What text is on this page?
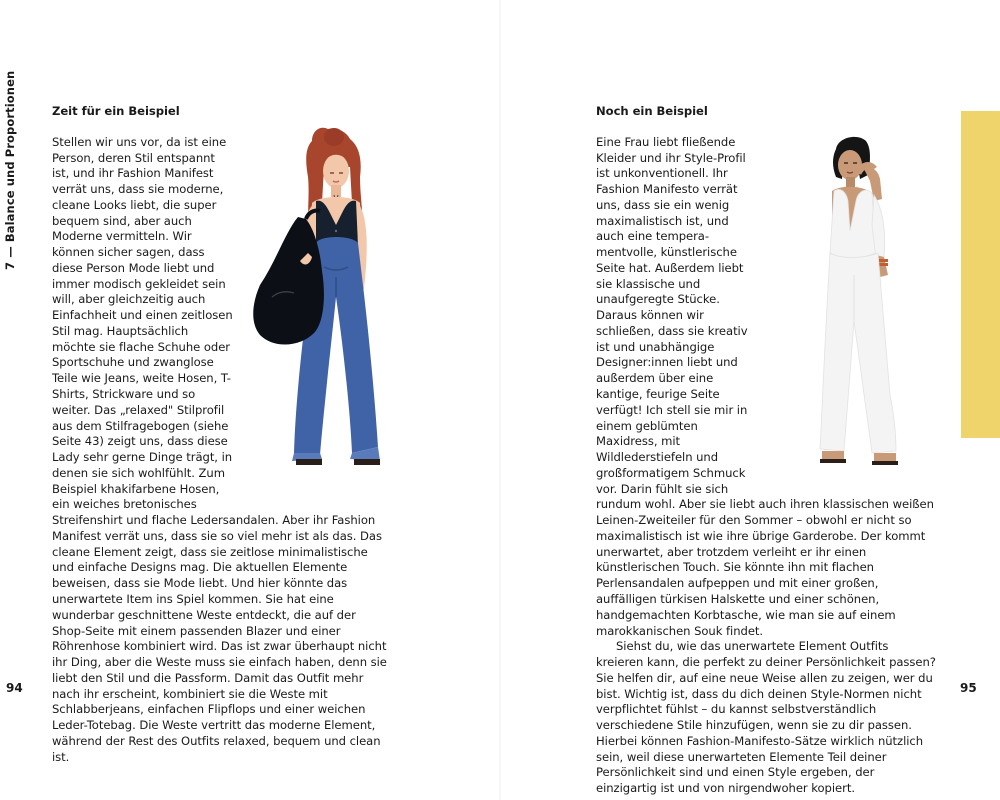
7 — Balance und Proportionen
94	95

Zeit für ein Beispiel

Stellen wir uns vor, da ist eine Person, deren Stil entspannt ist, und ihr Fashion Manifest verrät uns, dass sie moderne, cleane Looks liebt, die super bequem sind, aber auch Moderne vermitteln. Wir können sicher sagen, dass diese Person Mode liebt und immer modisch gekleidet sein will, aber gleichzeitig auch Einfachheit und einen zeitlosen Stil mag. Hauptsächlich möchte sie flache Schuhe oder Sportschuhe und zwanglose Teile wie Jeans, weite Hosen, T-Shirts, Strickware und so weiter. Das „relaxed" Stilprofil aus dem Stilfragebogen (siehe Seite 43) zeigt uns, dass diese Lady sehr gerne Dinge trägt, in denen sie sich wohlfühlt. Zum Beispiel khakifarbene Hosen, ein weiches bretonisches Streifenshirt und flache Ledersandalen. Aber ihr Fashion Manifest verrät uns, dass sie so viel mehr ist als das. Das cleane Element zeigt, dass sie zeitlose minimalistische und einfache Designs mag. Die aktuellen Elemente beweisen, dass sie Mode liebt. Und hier könnte das unerwartete Item ins Spiel kommen. Sie hat eine wunderbar geschnittene Weste entdeckt, die auf der Shop-Seite mit einem passenden Blazer und einer Röhrenhose kombiniert wird. Das ist zwar überhaupt nicht ihr Ding, aber die Weste muss sie einfach haben, denn sie liebt den Stil und die Passform. Damit das Outfit mehr nach ihr erscheint, kombiniert sie die Weste mit Schlabberjeans, einfachen Flipflops und einer weichen Leder-Totebag. Die Weste vertritt das moderne Element, während der Rest des Outfits relaxed, bequem und clean ist.

Noch ein Beispiel

Eine Frau liebt fließende Kleider und ihr Style-Profil ist unkonventionell. Ihr Fashion Manifesto verrät uns, dass sie ein wenig maximalistisch ist, und auch eine temperamentvolle, künstlerische Seite hat. Außerdem liebt sie klassische und unaufgeregte Stücke. Daraus können wir schließen, dass sie kreativ ist und unabhängige Designer:innen liebt und außerdem über eine kantige, feurige Seite verfügt! Ich stell sie mir in einem geblümten Maxidress, mit Wildlederstiefeln und großformatigem Schmuck vor. Darin fühlt sie sich rundum wohl. Aber sie liebt auch ihren klassischen weißen Leinen-Zweiteiler für den Sommer – obwohl er nicht so maximalistisch ist wie ihre übrige Garderobe. Der kommt unerwartet, aber trotzdem verleiht er ihr einen künstlerischen Touch. Sie könnte ihn mit flachen Perlensandalen aufpeppen und mit einer großen, auffälligen türkisen Halskette und einer schönen, handgemachten Korbtasche, wie man sie auf einem marokkanischen Souk findet.

Siehst du, wie das unerwartete Element Outfits kreieren kann, die perfekt zu deiner Persönlichkeit passen? Sie helfen dir, auf eine neue Weise allen zu zeigen, wer du bist. Wichtig ist, dass du dich deinen Style-Normen nicht verpflichtet fühlst – du kannst selbstverständlich verschiedene Stile hinzufügen, wenn sie zu dir passen. Hierbei können Fashion-Manifesto-Sätze wirklich nützlich sein, weil diese unerwarteten Elemente Teil deiner Persönlichkeit sind und einen Style ergeben, der einzigartig ist und von nirgendwoher kopiert.
